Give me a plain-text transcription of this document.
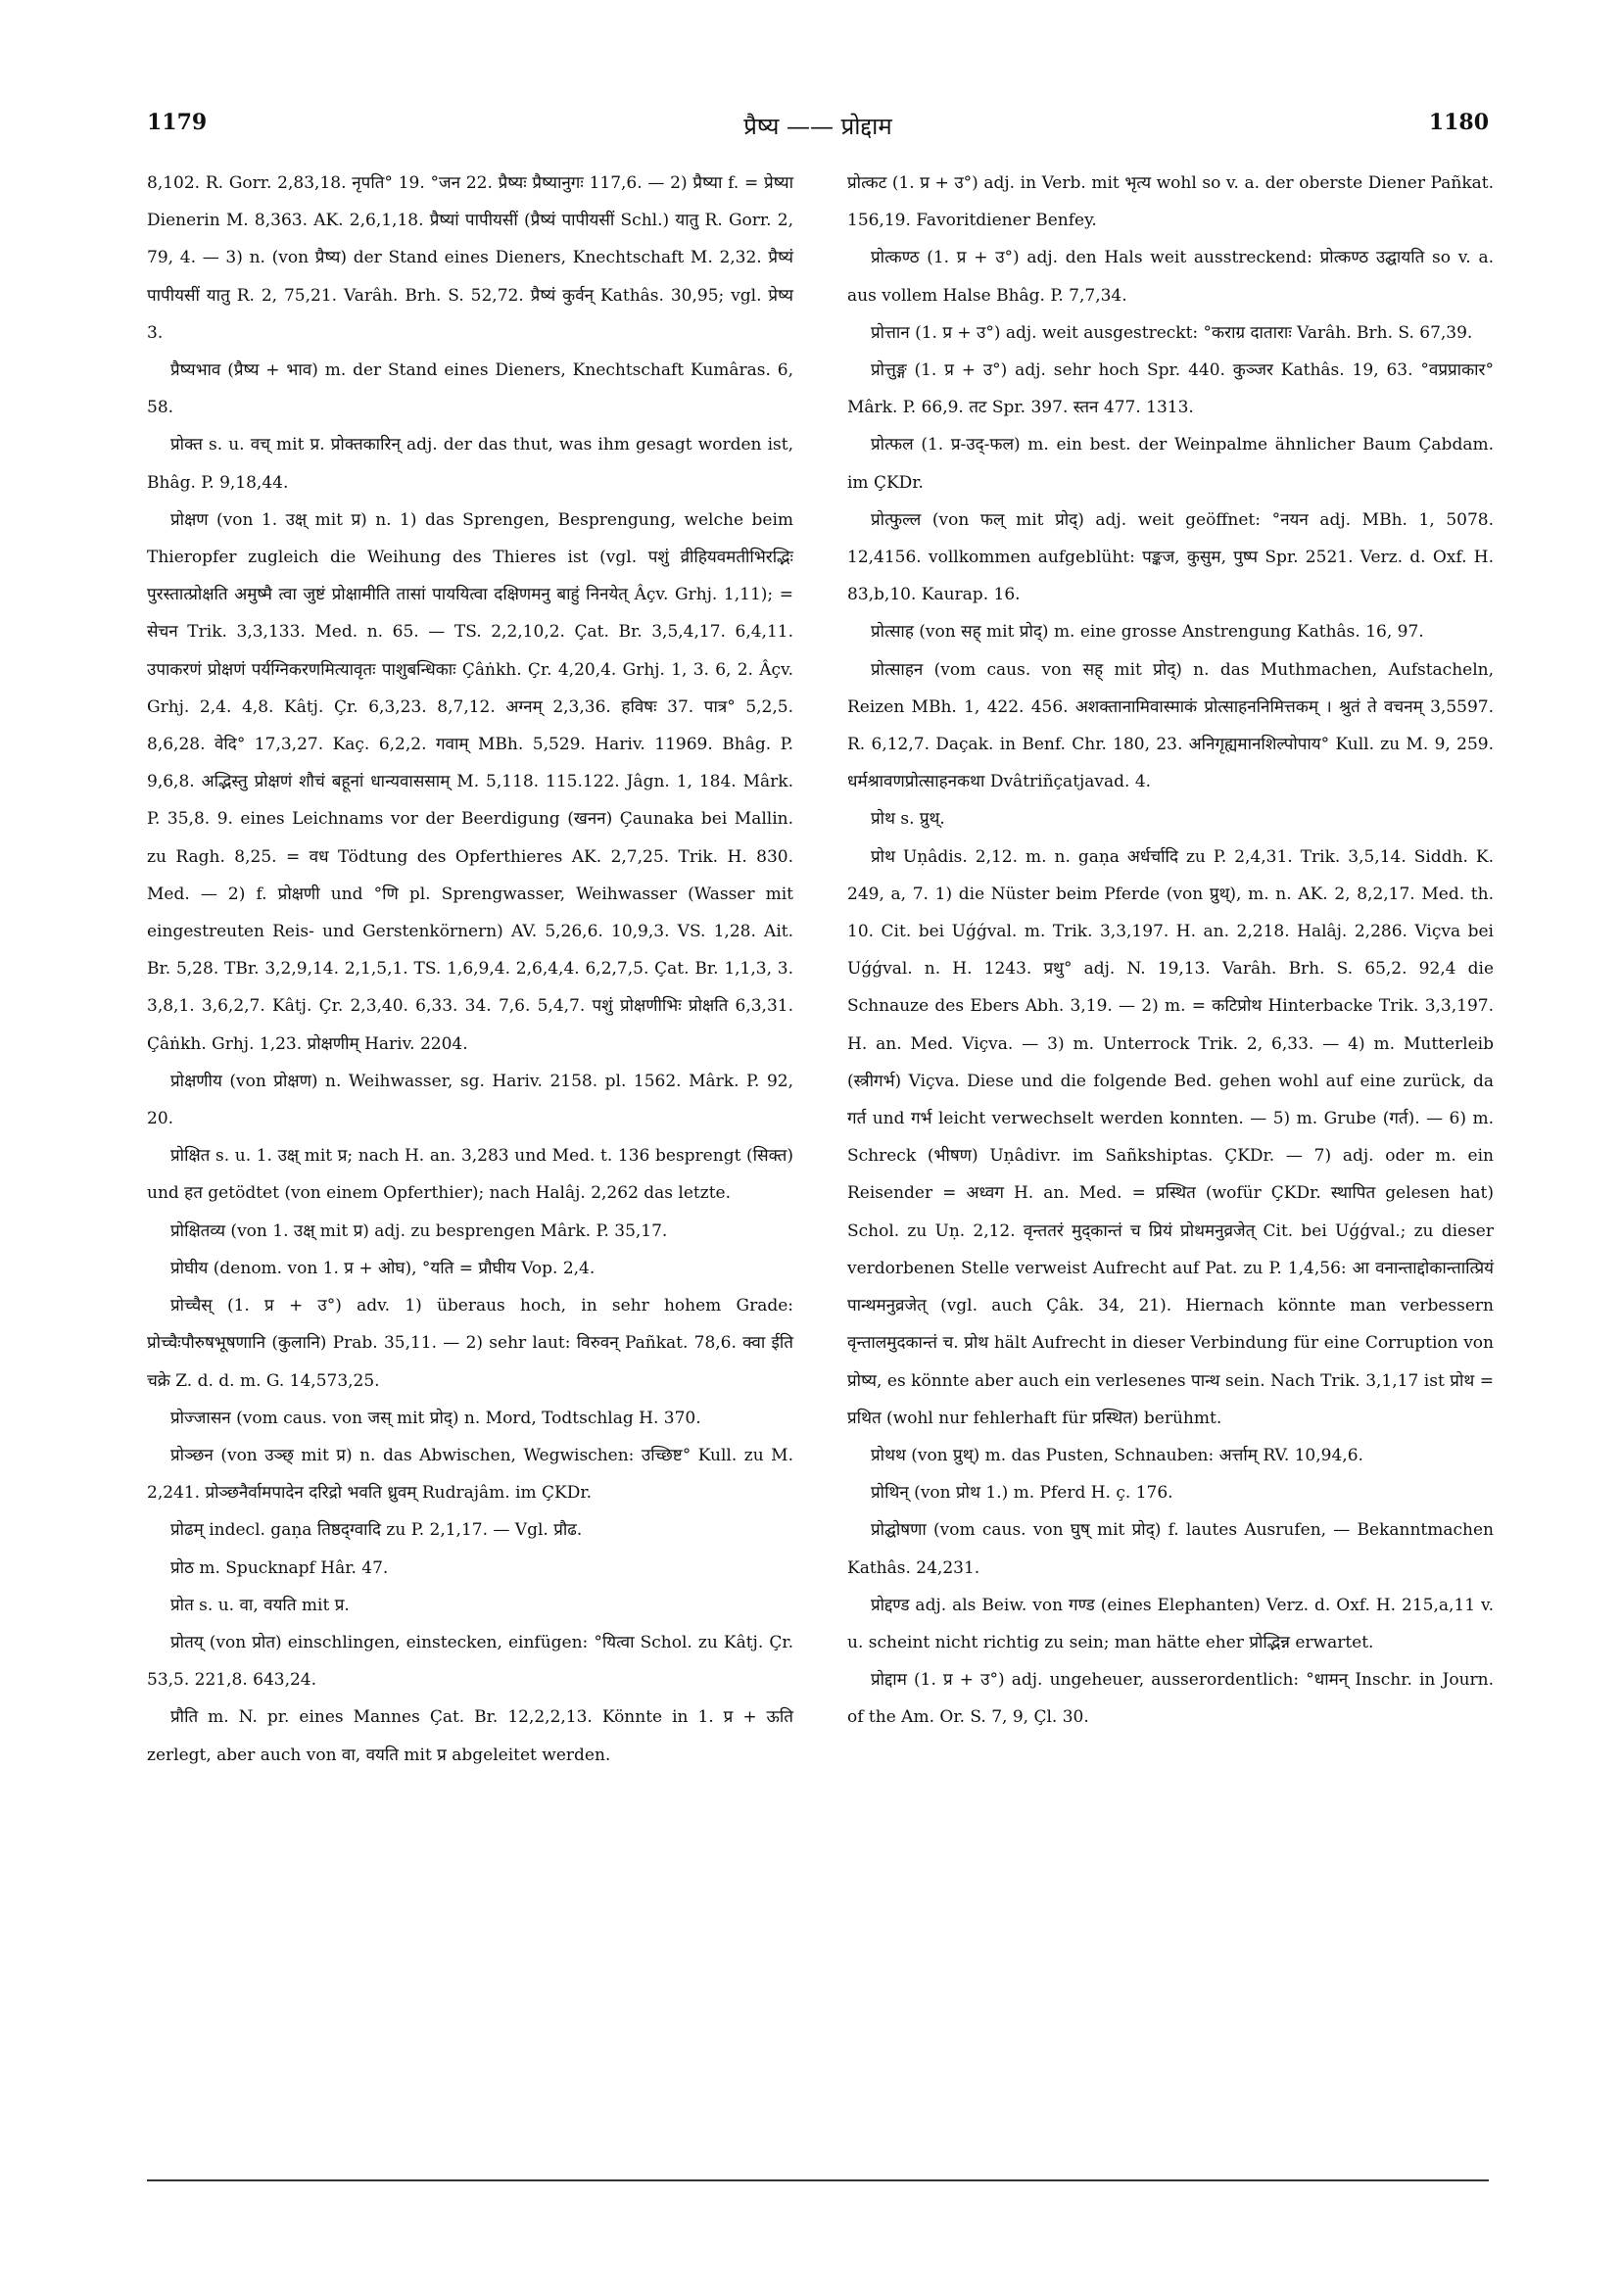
1179	प्रैष्य —— प्रोद्दाम	1180

8,102. R. Gorr. 2,83,18. नृपति° 19. °जन 22. प्रैष्यः प्रैष्यानुगः 117,6. — 2) प्रैष्या f. = प्रेष्या Dienerin M. 8,363. AK. 2,6,1,18. प्रैष्यां पापीयसीं (प्रैष्यं पापीयसीं Schl.) यातु R. Gorr. 2, 79, 4. — 3) n. (von प्रैष्य) der Stand eines Dieners, Knechtschaft M. 2,32. प्रैष्यं पापीयसीं यातु R. 2, 75,21. Varâh. Brh. S. 52,72. प्रैष्यं कुर्वन् Kathâs. 30,95; vgl. प्रेष्य 3.

प्रैष्यभाव (प्रैष्य + भाव) m. der Stand eines Dieners, Knechtschaft Kumâras. 6, 58.

प्रोक्त s. u. वच् mit प्र. प्रोक्तकारिन् adj. der das thut, was ihm gesagt worden ist, Bhâg. P. 9,18,44.

प्रोक्षण (von 1. उक्ष् mit प्र) n. 1) das Sprengen, Besprengung, welche beim Thieropfer zugleich die Weihung des Thieres ist (vgl. पशुं व्रीहियवमतीभिरद्भिः पुरस्तात्प्रोक्षति अमुष्मै त्वा जुष्टं प्रोक्षामीति तासां पाययित्वा दक्षिणमनु बाहुं निनयेत् Âçv. Grhj. 1,11); = सेचन Trik. 3,3,133. Med. n. 65. — TS. 2,2,10,2. Çat. Br. 3,5,4,17. 6,4,11. उपाकरणं प्रोक्षणं पर्यग्निकरणमित्यावृतः पाशुबन्धिकाः Çâṅkh. Çr. 4,20,4. Grhj. 1, 3. 6, 2. Âçv. Grhj. 2,4. 4,8. Kâtj. Çr. 6,3,23. 8,7,12. अग्नम् 2,3,36. हविषः 37. पात्र° 5,2,5. 8,6,28. वेदि° 17,3,27. Kaç. 6,2,2. गवाम् MBh. 5,529. Hariv. 11969. Bhâg. P. 9,6,8. अद्भिस्तु प्रोक्षणं शौचं बहूनां धान्यवाससाम् M. 5,118. 115.122. Jâgn. 1, 184. Mârk. P. 35,8. 9. eines Leichnams vor der Beerdigung (खनन) Çaunaka bei Mallin. zu Ragh. 8,25. = वध Tödtung des Opferthieres AK. 2,7,25. Trik. H. 830. Med. — 2) f. प्रोक्षणी und °णि pl. Sprengwasser, Weihwasser (Wasser mit eingestreuten Reis- und Gerstenkörnern) AV. 5,26,6. 10,9,3. VS. 1,28. Ait. Br. 5,28. TBr. 3,2,9,14. 2,1,5,1. TS. 1,6,9,4. 2,6,4,4. 6,2,7,5. Çat. Br. 1,1,3, 3. 3,8,1. 3,6,2,7. Kâtj. Çr. 2,3,40. 6,33. 34. 7,6. 5,4,7. पशुं प्रोक्षणीभिः प्रोक्षति 6,3,31. Çâṅkh. Grhj. 1,23. प्रोक्षणीम् Hariv. 2204.

प्रोक्षणीय (von प्रोक्षण) n. Weihwasser, sg. Hariv. 2158. pl. 1562. Mârk. P. 92, 20.

प्रोक्षित s. u. 1. उक्ष् mit प्र; nach H. an. 3,283 und Med. t. 136 besprengt (सिक्त) und हत getödtet (von einem Opferthier); nach Halâj. 2,262 das letzte.

प्रोक्षितव्य (von 1. उक्ष् mit प्र) adj. zu besprengen Mârk. P. 35,17.

प्रोघीय (denom. von 1. प्र + ओघ), °यति = प्रौघीय Vop. 2,4.

प्रोच्चैस् (1. प्र + उ°) adv. 1) überaus hoch, in sehr hohem Grade: प्रोच्चैःपौरुषभूषणानि (कुलानि) Prab. 35,11. — 2) sehr laut: विरुवन् Pañkat. 78,6. क्वा ईति चक्रे Z. d. d. m. G. 14,573,25.

प्रोज्जासन (vom caus. von जस् mit प्रोद्) n. Mord, Todtschlag H. 370.

प्रोञ्छन (von उञ्छ् mit प्र) n. das Abwischen, Wegwischen: उच्छिष्ट° Kull. zu M. 2,241. प्रोञ्छनैर्वामपादेन दरिद्रो भवति ध्रुवम् Rudrajâm. im ÇKDr.

प्रोढम् indecl. gaṇa तिष्ठद्ग्वादि zu P. 2,1,17. — Vgl. प्रौढ.

प्रोठ m. Spucknapf Hâr. 47.

प्रोत s. u. वा, वयति mit प्र.

प्रोतय् (von प्रोत) einschlingen, einstecken, einfügen: °यित्वा Schol. zu Kâtj. Çr. 53,5. 221,8. 643,24.

प्रौति m. N. pr. eines Mannes Çat. Br. 12,2,2,13. Könnte in 1. प्र + ऊति zerlegt, aber auch von वा, वयति mit प्र abgeleitet werden.

प्रोत्कट (1. प्र + उ°) adj. in Verb. mit भृत्य wohl so v. a. der oberste Diener Pañkat. 156,19. Favoritdiener Benfey.

प्रोत्कण्ठ (1. प्र + उ°) adj. den Hals weit ausstreckend: प्रोत्कण्ठ उद्घायति so v. a. aus vollem Halse Bhâg. P. 7,7,34.

प्रोत्तान (1. प्र + उ°) adj. weit ausgestreckt: °कराग्र दाताराः Varâh. Brh. S. 67,39.

प्रोत्तुङ्ग (1. प्र + उ°) adj. sehr hoch Spr. 440. कुञ्जर Kathâs. 19, 63. °वप्रप्राकार° Mârk. P. 66,9. तट Spr. 397. स्तन 477. 1313.

प्रोत्फल (1. प्र-उद्-फल) m. ein best. der Weinpalme ähnlicher Baum Çabdam. im ÇKDr.

प्रोत्फुल्ल (von फल् mit प्रोद्) adj. weit geöffnet: °नयन adj. MBh. 1, 5078. 12,4156. vollkommen aufgeblüht: पङ्कज, कुसुम, पुष्प Spr. 2521. Verz. d. Oxf. H. 83,b,10. Kaurap. 16.

प्रोत्साह (von सह् mit प्रोद्) m. eine grosse Anstrengung Kathâs. 16, 97.

प्रोत्साहन (vom caus. von सह् mit प्रोद्) n. das Muthmachen, Aufstacheln, Reizen MBh. 1, 422. 456. अशक्तानामिवास्माकं प्रोत्साहननिमित्तकम् । श्रुतं ते वचनम् 3,5597. R. 6,12,7. Daçak. in Benf. Chr. 180, 23. अनिगृह्यमानशिल्पोपाय° Kull. zu M. 9, 259. धर्मश्रावणप्रोत्साहनकथा Dvâtriñçatjavad. 4.

प्रोथ s. प्रुथ्.

प्रोथ Uṇâdis. 2,12. m. n. gaṇa अर्धर्चादि zu P. 2,4,31. Trik. 3,5,14. Siddh. K. 249, a, 7. 1) die Nüster beim Pferde (von प्रुथ्), m. n. AK. 2, 8,2,17. Med. th. 10. Cit. bei Uǵǵval. m. Trik. 3,3,197. H. an. 2,218. Halâj. 2,286. Viçva bei Uǵǵval. n. H. 1243. प्रथु° adj. N. 19,13. Varâh. Brh. S. 65,2. 92,4 die Schnauze des Ebers Abh. 3,19. — 2) m. = कटिप्रोथ Hinterbacke Trik. 3,3,197. H. an. Med. Viçva. — 3) m. Unterrock Trik. 2, 6,33. — 4) m. Mutterleib (स्त्रीगर्भ) Viçva. Diese und die folgende Bed. gehen wohl auf eine zurück, da गर्त und गर्भ leicht verwechselt werden konnten. — 5) m. Grube (गर्त). — 6) m. Schreck (भीषण) Uṇâdivr. im Sañkshiptas. ÇKDr. — 7) adj. oder m. ein Reisender = अध्वग H. an. Med. = प्रस्थित (wofür ÇKDr. स्थापित gelesen hat) Schol. zu Uṇ. 2,12. वृन्ततरं मुद्कान्तं च प्रियं प्रोथमनुव्रजेत् Cit. bei Uǵǵval.; zu dieser verdorbenen Stelle verweist Aufrecht auf Pat. zu P. 1,4,56: आ वनान्ताद्दोकान्तात्प्रियं पान्थमनुव्रजेत् (vgl. auch Çâk. 34, 21). Hiernach könnte man verbessern वृन्तालमुदकान्तं च. प्रोथ hält Aufrecht in dieser Verbindung für eine Corruption von प्रोष्य, es könnte aber auch ein verlesenes पान्थ sein. Nach Trik. 3,1,17 ist प्रोथ = प्रथित (wohl nur fehlerhaft für प्रस्थित) berühmt.

प्रोथथ (von प्रुथ्) m. das Pusten, Schnauben: अर्त्ताम् RV. 10,94,6.

प्रोथिन् (von प्रोथ 1.) m. Pferd H. ç. 176.

प्रोद्घोषणा (vom caus. von घुष् mit प्रोद्) f. lautes Ausrufen, — Bekanntmachen Kathâs. 24,231.

प्रोद्दण्ड adj. als Beiw. von गण्ड (eines Elephanten) Verz. d. Oxf. H. 215,a,11 v. u. scheint nicht richtig zu sein; man hätte eher प्रोद्भिन्न erwartet.

प्रोद्दाम (1. प्र + उ°) adj. ungeheuer, ausserordentlich: °धामन् Inschr. in Journ. of the Am. Or. S. 7, 9, Çl. 30.
